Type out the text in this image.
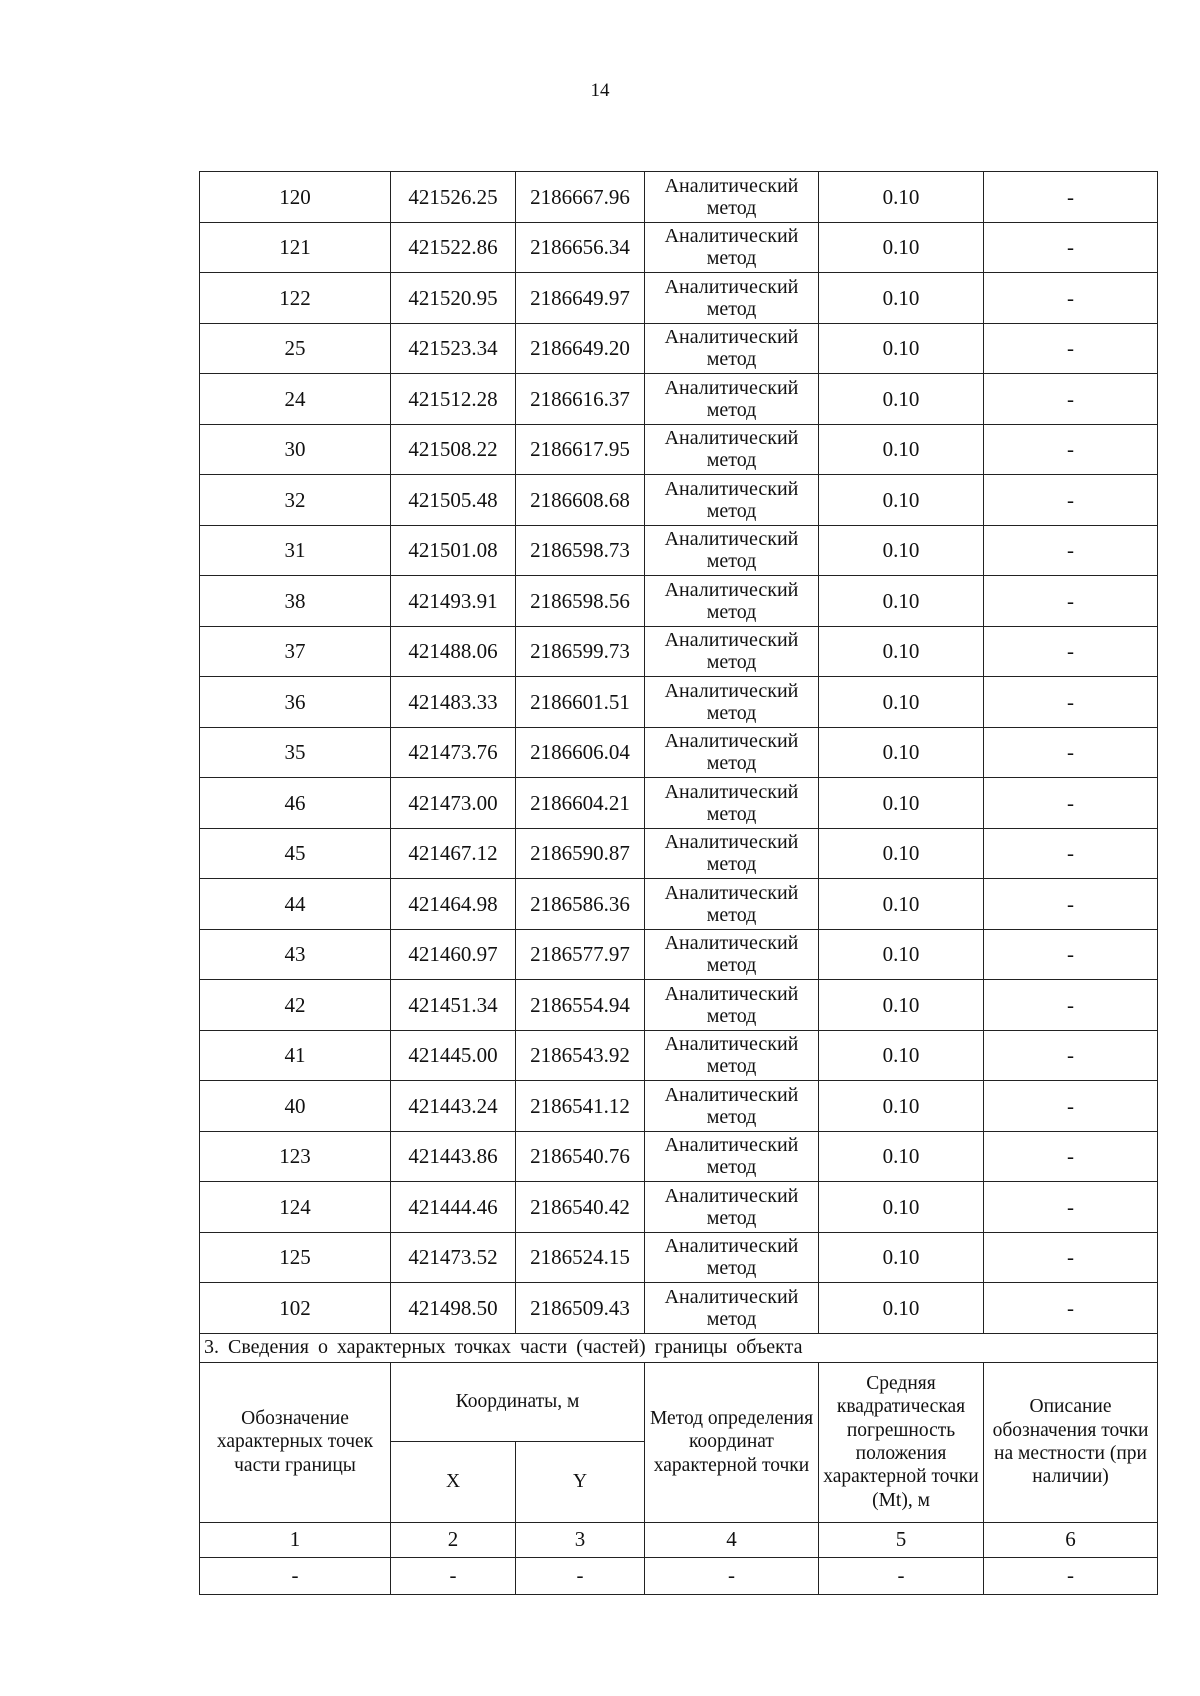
14
120	421526.25	2186667.96	Аналитический метод	0.10	-
121	421522.86	2186656.34	Аналитический метод	0.10	-
122	421520.95	2186649.97	Аналитический метод	0.10	-
25	421523.34	2186649.20	Аналитический метод	0.10	-
24	421512.28	2186616.37	Аналитический метод	0.10	-
30	421508.22	2186617.95	Аналитический метод	0.10	-
32	421505.48	2186608.68	Аналитический метод	0.10	-
31	421501.08	2186598.73	Аналитический метод	0.10	-
38	421493.91	2186598.56	Аналитический метод	0.10	-
37	421488.06	2186599.73	Аналитический метод	0.10	-
36	421483.33	2186601.51	Аналитический метод	0.10	-
35	421473.76	2186606.04	Аналитический метод	0.10	-
46	421473.00	2186604.21	Аналитический метод	0.10	-
45	421467.12	2186590.87	Аналитический метод	0.10	-
44	421464.98	2186586.36	Аналитический метод	0.10	-
43	421460.97	2186577.97	Аналитический метод	0.10	-
42	421451.34	2186554.94	Аналитический метод	0.10	-
41	421445.00	2186543.92	Аналитический метод	0.10	-
40	421443.24	2186541.12	Аналитический метод	0.10	-
123	421443.86	2186540.76	Аналитический метод	0.10	-
124	421444.46	2186540.42	Аналитический метод	0.10	-
125	421473.52	2186524.15	Аналитический метод	0.10	-
102	421498.50	2186509.43	Аналитический метод	0.10	-
3. Сведения о характерных точках части (частей) границы объекта					
Обозначение характерных точек части границы	Координаты, м		Метод определения координат характерной точки	Средняя квадратическая погрешность положения характерной точки (Mt), м	Описание обозначения точки на местности (при наличии)
	X	Y			
1	2	3	4	5	6
-	-	-	-	-	-
